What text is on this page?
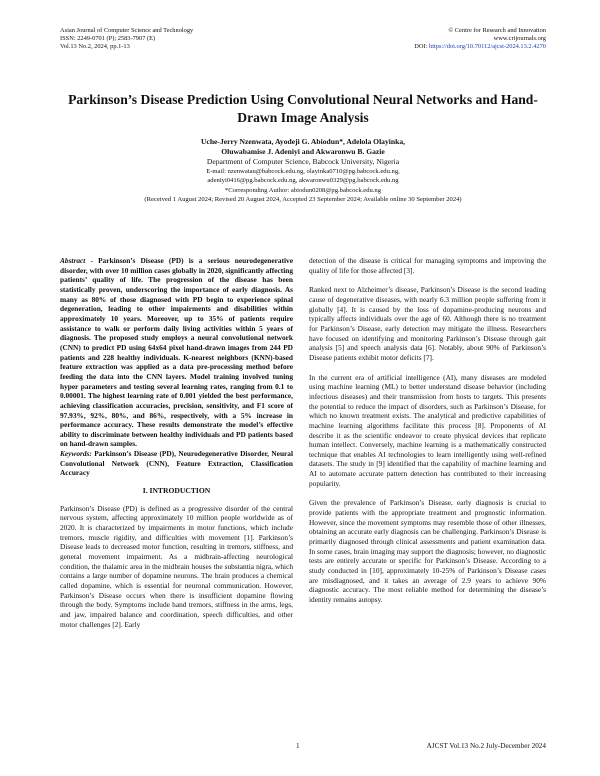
Asian Journal of Computer Science and Technology
ISSN: 2249-0701 (P); 2583-7907 (E)
Vol.13 No.2, 2024, pp.1-13
© Centre for Research and Innovation
www.crijournals.org
DOI: https://doi.org/10.70112/ajcst-2024.13.2.4270
Parkinson’s Disease Prediction Using Convolutional Neural Networks and Hand-Drawn Image Analysis
Uche-Jerry Nzenwata, Ayodeji G. Abiodun*, Adelola Olayinka,
Oluwabamise J. Adeniyi and Akwaronwu B. Gazie
Department of Computer Science, Babcock University, Nigeria
E-mail: nzenwatau@babcock.edu.ng, olayinka0710@pg.babcock.edu.ng,
adeniyi0416@pg.babcock.edu.ng, akwaronwu0329@pg.babcock.edu.ng
*Corresponding Author: abiodun0208@pg.babcock.edu.ng
(Received 1 August 2024; Revised 20 August 2024, Accepted 23 September 2024; Available online 30 September 2024)

Abstract - Parkinson’s Disease (PD) is a serious neurodegenerative disorder, with over 10 million cases globally in 2020, significantly affecting patients’ quality of life. The progression of the disease has been statistically proven, underscoring the importance of early diagnosis. As many as 80% of those diagnosed with PD begin to experience spinal degeneration, leading to other impairments and disabilities within approximately 10 years. Moreover, up to 35% of patients require assistance to walk or perform daily living activities within 5 years of diagnosis. The proposed study employs a neural convolutional network (CNN) to predict PD using 64x64 pixel hand-drawn images from 244 PD patients and 228 healthy individuals. K-nearest neighbors (KNN)-based feature extraction was applied as a data pre-processing method before feeding the data into the CNN layers. Model training involved tuning hyper parameters and testing several learning rates, ranging from 0.1 to 0.00001. The highest learning rate of 0.001 yielded the best performance, achieving classification accuracies, precision, sensitivity, and F1 score of 97.93%, 92%, 80%, and 86%, respectively, with a 5% increase in performance accuracy. These results demonstrate the model’s effective ability to discriminate between healthy individuals and PD patients based on hand-drawn samples.

Keywords: Parkinson’s Disease (PD), Neurodegenerative Disorder, Neural Convolutional Network (CNN), Feature Extraction, Classification Accuracy

I. INTRODUCTION

Parkinson’s Disease (PD) is defined as a progressive disorder of the central nervous system, affecting approximately 10 million people worldwide as of 2020. It is characterized by impairments in motor functions, which include tremors, muscle rigidity, and difficulties with movement [1]. Parkinson’s Disease leads to decreased motor function, resulting in tremors, stiffness, and general movement impairment. As a midbrain-affecting neurological condition, the thalamic area in the midbrain houses the substantia nigra, which contains a large number of dopamine neurons. The brain produces a chemical called dopamine, which is essential for neuronal communication. However, Parkinson’s Disease occurs when there is insufficient dopamine flowing through the body. Symptoms include hand tremors, stiffness in the arms, legs, and jaw, impaired balance and coordination, speech difficulties, and other motor challenges [2]. Early

detection of the disease is critical for managing symptoms and improving the quality of life for those affected [3].

Ranked next to Alzheimer’s disease, Parkinson’s Disease is the second leading cause of degenerative diseases, with nearly 6.3 million people suffering from it globally [4]. It is caused by the loss of dopamine-producing neurons and typically affects individuals over the age of 60. Although there is no treatment for Parkinson’s Disease, early detection may mitigate the illness. Researchers have focused on identifying and monitoring Parkinson’s Disease through gait analysis [5] and speech analysis data [6]. Notably, about 90% of Parkinson’s Disease patients exhibit motor deficits [7].

In the current era of artificial intelligence (AI), many diseases are modeled using machine learning (ML) to better understand disease behavior (including infectious diseases) and their transmission from hosts to targets. This presents the potential to reduce the impact of disorders, such as Parkinson’s Disease, for which no known treatment exists. The analytical and predictive capabilities of machine learning algorithms facilitate this process [8]. Proponents of AI describe it as the scientific endeavor to create physical devices that replicate human intellect. Conversely, machine learning is a mathematically constructed technique that enables AI technologies to learn intelligently using well-refined datasets. The study in [9] identified that the capability of machine learning and AI to automate accurate pattern detection has contributed to their increasing popularity.

Given the prevalence of Parkinson’s Disease, early diagnosis is crucial to provide patients with the appropriate treatment and prognostic information. However, since the movement symptoms may resemble those of other illnesses, obtaining an accurate early diagnosis can be challenging. Parkinson’s Disease is primarily diagnosed through clinical assessments and patient examination data. In some cases, brain imaging may support the diagnosis; however, no diagnostic tests are entirely accurate or specific for Parkinson’s Disease. According to a study conducted in [10], approximately 10-25% of Parkinson’s Disease cases are misdiagnosed, and it takes an average of 2.9 years to achieve 90% diagnostic accuracy. The most reliable method for determining the disease’s identity remains autopsy.

1	AJCST Vol.13 No.2 July-December 2024
